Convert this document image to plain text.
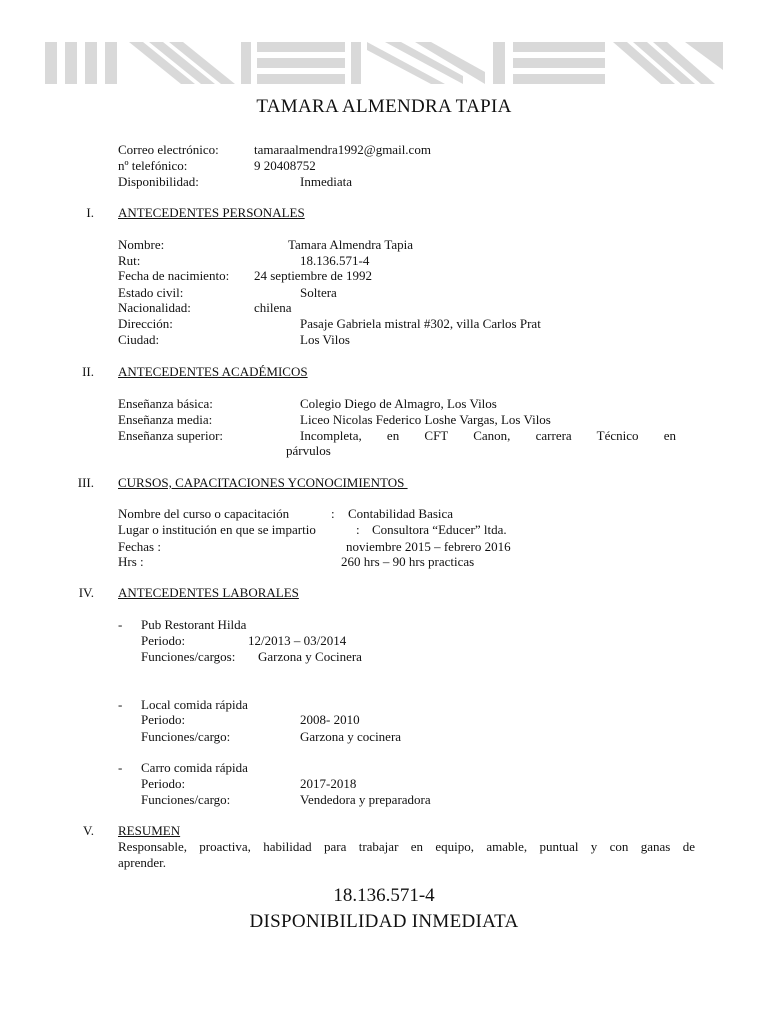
TAMARA ALMENDRA TAPIA
Correo electrónico:	tamaraalmendra1992@gmail.com
nº telefónico:	9 20408752
Disponibilidad:	Inmediata
I. ANTECEDENTES PERSONALES
Nombre:	Tamara Almendra Tapia
Rut:	18.136.571-4
Fecha de nacimiento: 24 septiembre de 1992
Estado civil:	Soltera
Nacionalidad:	chilena
Dirección:	Pasaje Gabriela mistral #302, villa Carlos Prat
Ciudad:	Los Vilos
II. ANTECEDENTES ACADÉMICOS
Enseñanza básica:	Colegio Diego de Almagro, Los Vilos
Enseñanza media:	Liceo Nicolas Federico Loshe Vargas, Los Vilos
Enseñanza superior:	Incompleta, en CFT Canon, carrera Técnico en
párvulos
III. CURSOS, CAPACITACIONES YCONOCIMIENTOS
Nombre del curso o capacitación	: Contabilidad Basica
Lugar o institución en que se impartio	: Consultora “Educer” ltda.
Fechas :	noviembre 2015 – febrero 2016
Hrs :	260 hrs – 90 hrs practicas
IV. ANTECEDENTES LABORALES
- Pub Restorant Hilda
Periodo:	12/2013 – 03/2014
Funciones/cargos: Garzona y Cocinera
- Local comida rápida
Periodo:	2008- 2010
Funciones/cargo:	Garzona y cocinera
- Carro comida rápida
Periodo:	2017-2018
Funciones/cargo:	Vendedora y preparadora
V. RESUMEN
Responsable, proactiva, habilidad para trabajar en equipo, amable, puntual y con ganas de
aprender.
18.136.571-4
DISPONIBILIDAD INMEDIATA
